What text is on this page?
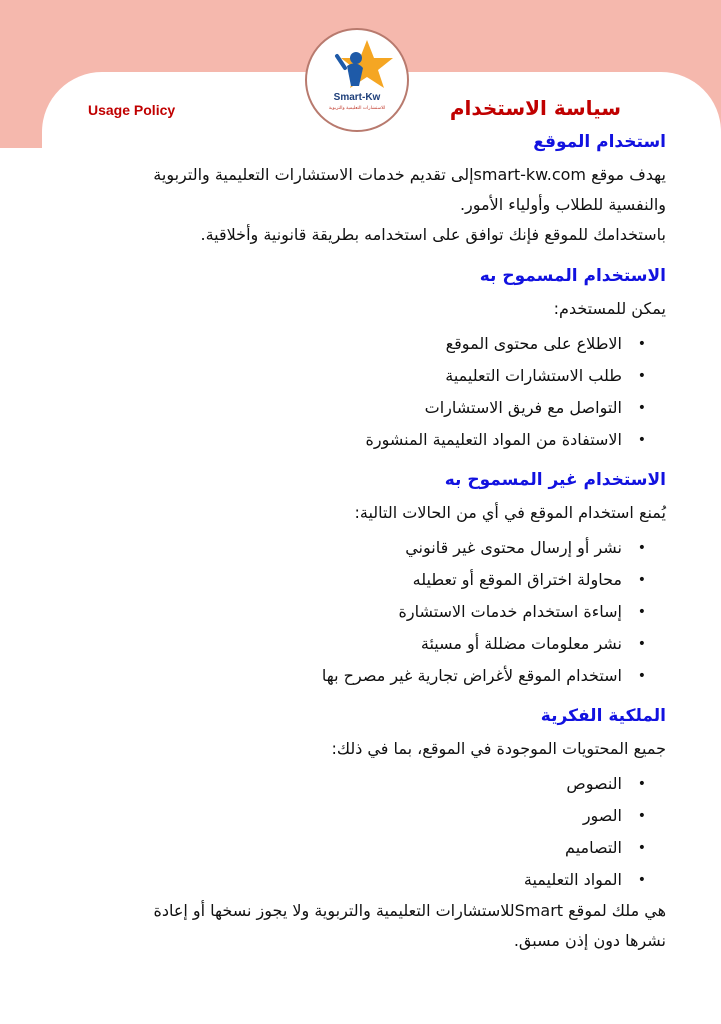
Smart-Kw
للاستشارات التعليمية والتربوية
Usage Policy	سياسة الاستخدام
استخدام الموقع

يهدف موقع smart-kw.comإلى تقديم خدمات الاستشارات التعليمية والتربوية

والنفسية للطلاب وأولياء الأمور.

باستخدامك للموقع فإنك توافق على استخدامه بطريقة قانونية وأخلاقية.

الاستخدام المسموح به

يمكن للمستخدم:

•
الاطلاع على محتوى الموقع
•
طلب الاستشارات التعليمية
•
التواصل مع فريق الاستشارات
•
الاستفادة من المواد التعليمية المنشورة
الاستخدام غير المسموح به

يُمنع استخدام الموقع في أي من الحالات التالية:

•
نشر أو إرسال محتوى غير قانوني
•
محاولة اختراق الموقع أو تعطيله
•
إساءة استخدام خدمات الاستشارة
•
نشر معلومات مضللة أو مسيئة
•
استخدام الموقع لأغراض تجارية غير مصرح بها
الملكية الفكرية

جميع المحتويات الموجودة في الموقع، بما في ذلك:

•
النصوص
•
الصور
•
التصاميم
•
المواد التعليمية

هي ملك لموقع Smartللاستشارات التعليمية والتربوية ولا يجوز نسخها أو إعادة

نشرها دون إذن مسبق.
